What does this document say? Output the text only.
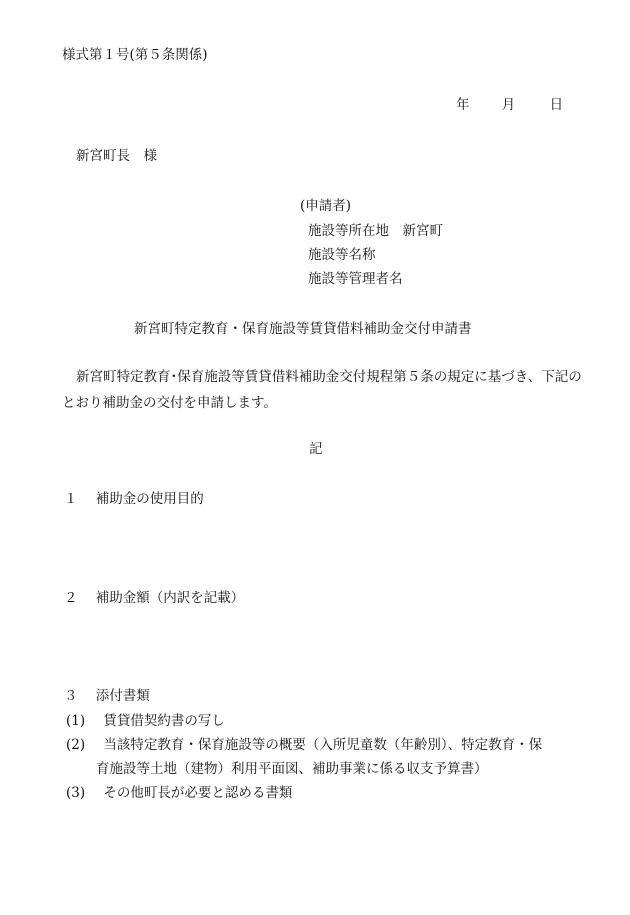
様式第１号(第５条関係)
年 月	日
新宮町長　様
(申請者)
施設等所在地　新宮町
施設等名称
施設等管理者名
新宮町特定教育・保育施設等賃貸借料補助金交付申請書
新宮町特定教育･保育施設等賃貸借料補助金交付規程第５条の規定に基づき、下記のとおり補助金の交付を申請します。
記
１ 補助金の使用目的
２ 補助金額（内訳を記載）
３ 添付書類
(1) 賃貸借契約書の写し
(2) 当該特定教育・保育施設等の概要（入所児童数（年齢別）、特定教育・保
育施設等土地（建物）利用平面図、補助事業に係る収支予算書）
(3) その他町長が必要と認める書類
